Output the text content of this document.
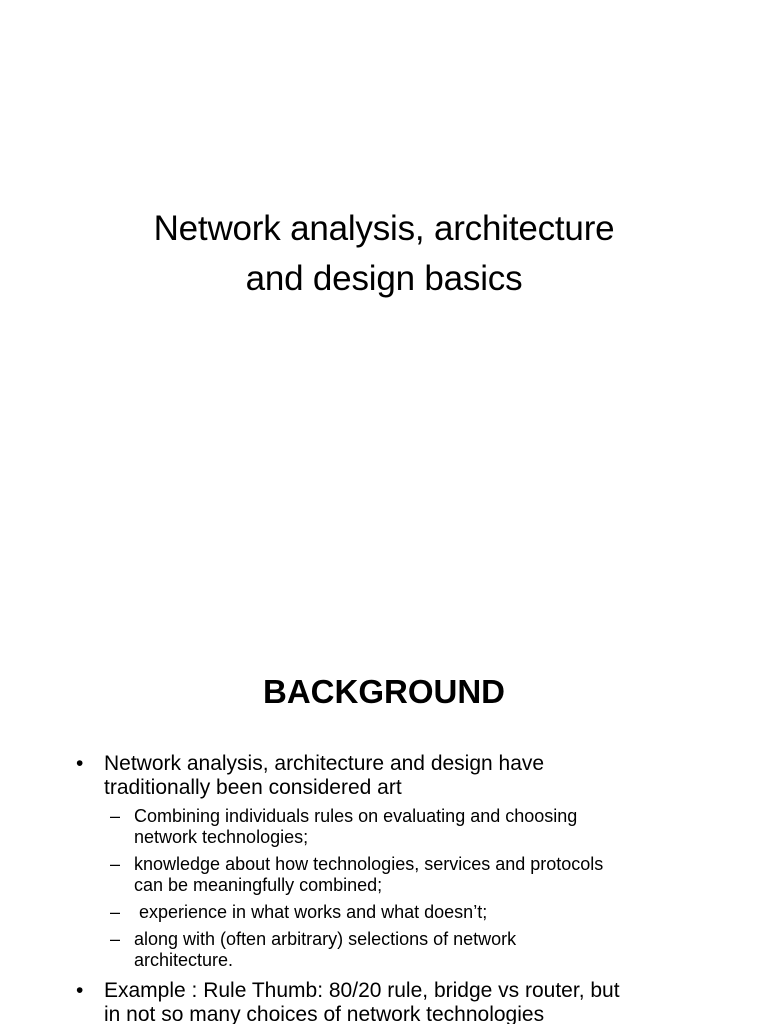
Network analysis, architecture
and design basics
BACKGROUND
• Network analysis, architecture and design have
traditionally been considered art
– Combining individuals rules on evaluating and choosing
network technologies;
– knowledge about how technologies, services and protocols
can be meaningfully combined;
– experience in what works and what doesn’t;
– along with (often arbitrary) selections of network
architecture.
• Example : Rule Thumb: 80/20 rule, bridge vs router, but
in not so many choices of network technologies
